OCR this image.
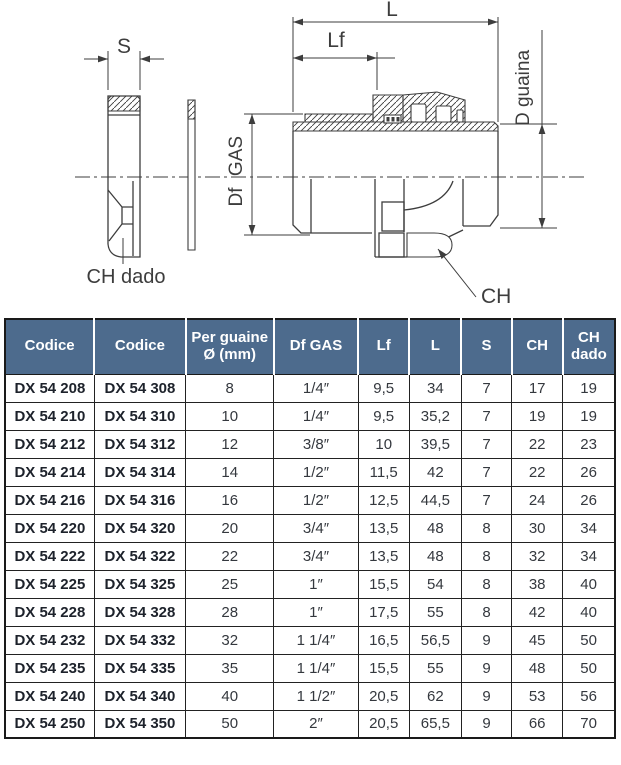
S
L
Lf
GAS
Df
D guaina
CH dado
CH
Codice	Codice	Per guaine Ø (mm)	Df GAS	Lf	L	S	CH	CH dado
DX 54 208	DX 54 308	8	1/4″	9,5	34	7	17	19
DX 54 210	DX 54 310	10	1/4″	9,5	35,2	7	19	19
DX 54 212	DX 54 312	12	3/8″	10	39,5	7	22	23
DX 54 214	DX 54 314	14	1/2″	11,5	42	7	22	26
DX 54 216	DX 54 316	16	1/2″	12,5	44,5	7	24	26
DX 54 220	DX 54 320	20	3/4″	13,5	48	8	30	34
DX 54 222	DX 54 322	22	3/4″	13,5	48	8	32	34
DX 54 225	DX 54 325	25	1″	15,5	54	8	38	40
DX 54 228	DX 54 328	28	1″	17,5	55	8	42	40
DX 54 232	DX 54 332	32	1 1/4″	16,5	56,5	9	45	50
DX 54 235	DX 54 335	35	1 1/4″	15,5	55	9	48	50
DX 54 240	DX 54 340	40	1 1/2″	20,5	62	9	53	56
DX 54 250	DX 54 350	50	2″	20,5	65,5	9	66	70
